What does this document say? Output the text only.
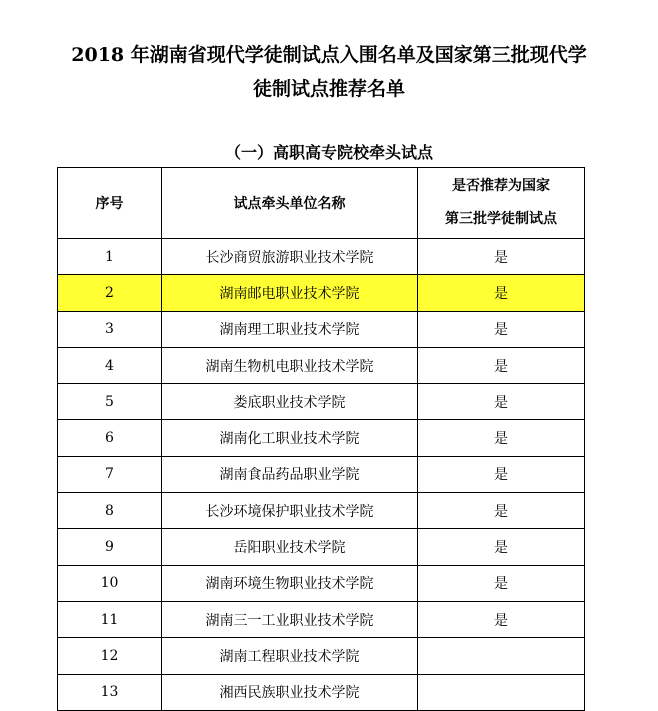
2018 年湖南省现代学徒制试点入围名单及国家第三批现代学
徒制试点推荐名单
（一）高职高专院校牵头试点
序号	试点牵头单位名称	是否推荐为国家
第三批学徒制试点

1	长沙商贸旅游职业技术学院	是
2	湖南邮电职业技术学院	是
3	湖南理工职业技术学院	是
4	湖南生物机电职业技术学院	是
5	娄底职业技术学院	是
6	湖南化工职业技术学院	是
7	湖南食品药品职业学院	是
8	长沙环境保护职业技术学院	是
9	岳阳职业技术学院	是
10	湖南环境生物职业技术学院	是
11	湖南三一工业职业技术学院	是
12	湖南工程职业技术学院	
13	湘西民族职业技术学院	
